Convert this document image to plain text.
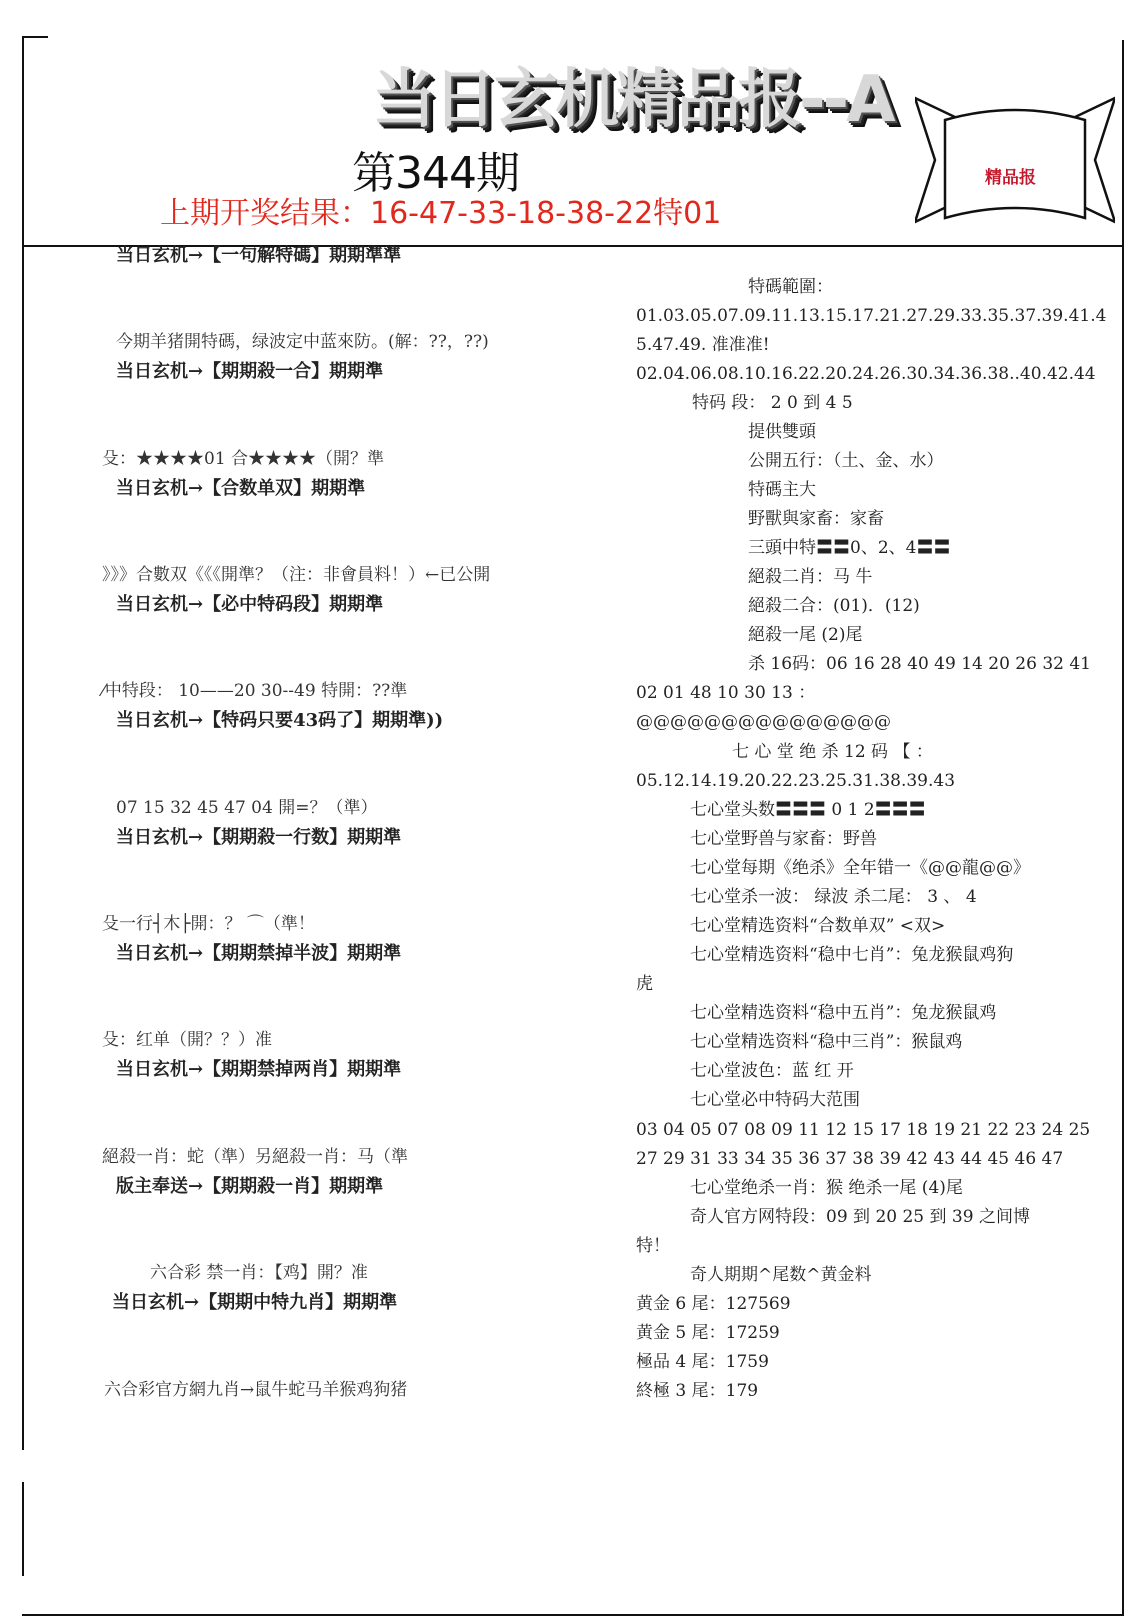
当日玄机精品报--A
精品报
第344期
上期开奖结果：16-47-33-18-38-22特01
当日玄机→【一句解特碼】期期準準
今期羊猪開特碼，绿波定中蓝來防。(解：??，??)
当日玄机→【期期殺一合】期期準
殳：★★★★01 合★★★★（開？準
当日玄机→【合数单双】期期準
》》》合數双《《《開準？（注：非會員料！）←已公開
当日玄机→【必中特码段】期期準
⁄中特段： 10——20 30--49 特開：??準
当日玄机→【特码只要43码了】期期準))
07 15 32 45 47 04 開=？（準）
当日玄机→【期期殺一行数】期期準
殳一行┤木├開：？ ⌒（準！
当日玄机→【期期禁掉半波】期期準
殳：红单（開？？）准
当日玄机→【期期禁掉两肖】期期準
絕殺一肖：蛇（準）另絕殺一肖：马（準
版主奉送→【期期殺一肖】期期準
六合彩 禁一肖：【鸡】開？准
当日玄机→【期期中特九肖】期期準
六合彩官方網九肖→鼠牛蛇马羊猴鸡狗猪
特碼範圍：
01.03.05.07.09.11.13.15.17.21.27.29.33.35.37.39.41.4
5.47.49. 准准准!
02.04.06.08.10.16.22.20.24.26.30.34.36.38..40.42.44
特码 段： 2 0 到 4 5
提供雙頭
公開五行：（土、金、水）
特碼主大
野獸與家畜：家畜
三頭中特〓〓0、2、4〓〓
絕殺二肖：马 牛
絕殺二合：(01)．(12)
絕殺一尾 (2)尾
杀 16码：06 16 28 40 49 14 20 26 32 41
02 01 48 10 30 13 ：
@@@@@@@@@@@@@@@
七 心 堂 绝 杀 12 码 【 ：
05.12.14.19.20.22.23.25.31.38.39.43
七心堂头数〓〓〓 0 1 2〓〓〓
七心堂野兽与家畜：野兽
七心堂每期《绝杀》全年错一《@@龍@@》
七心堂杀一波： 绿波 杀二尾： 3 、 4
七心堂精选资料“合数单双” <双>
七心堂精选资料“稳中七肖”：兔龙猴鼠鸡狗
虎
七心堂精选资料“稳中五肖”：兔龙猴鼠鸡
七心堂精选资料“稳中三肖”：猴鼠鸡
七心堂波色：蓝 红 开
七心堂必中特码大范围
03 04 05 07 08 09 11 12 15 17 18 19 21 22 23 24 25
27 29 31 33 34 35 36 37 38 39 42 43 44 45 46 47
七心堂绝杀一肖：猴 绝杀一尾 (4)尾
奇人官方网特段：09 到 20 25 到 39 之间博
特！
奇人期期^尾数^黄金料
黄金 6 尾：127569
黄金 5 尾：17259
極品 4 尾：1759
終極 3 尾：179
